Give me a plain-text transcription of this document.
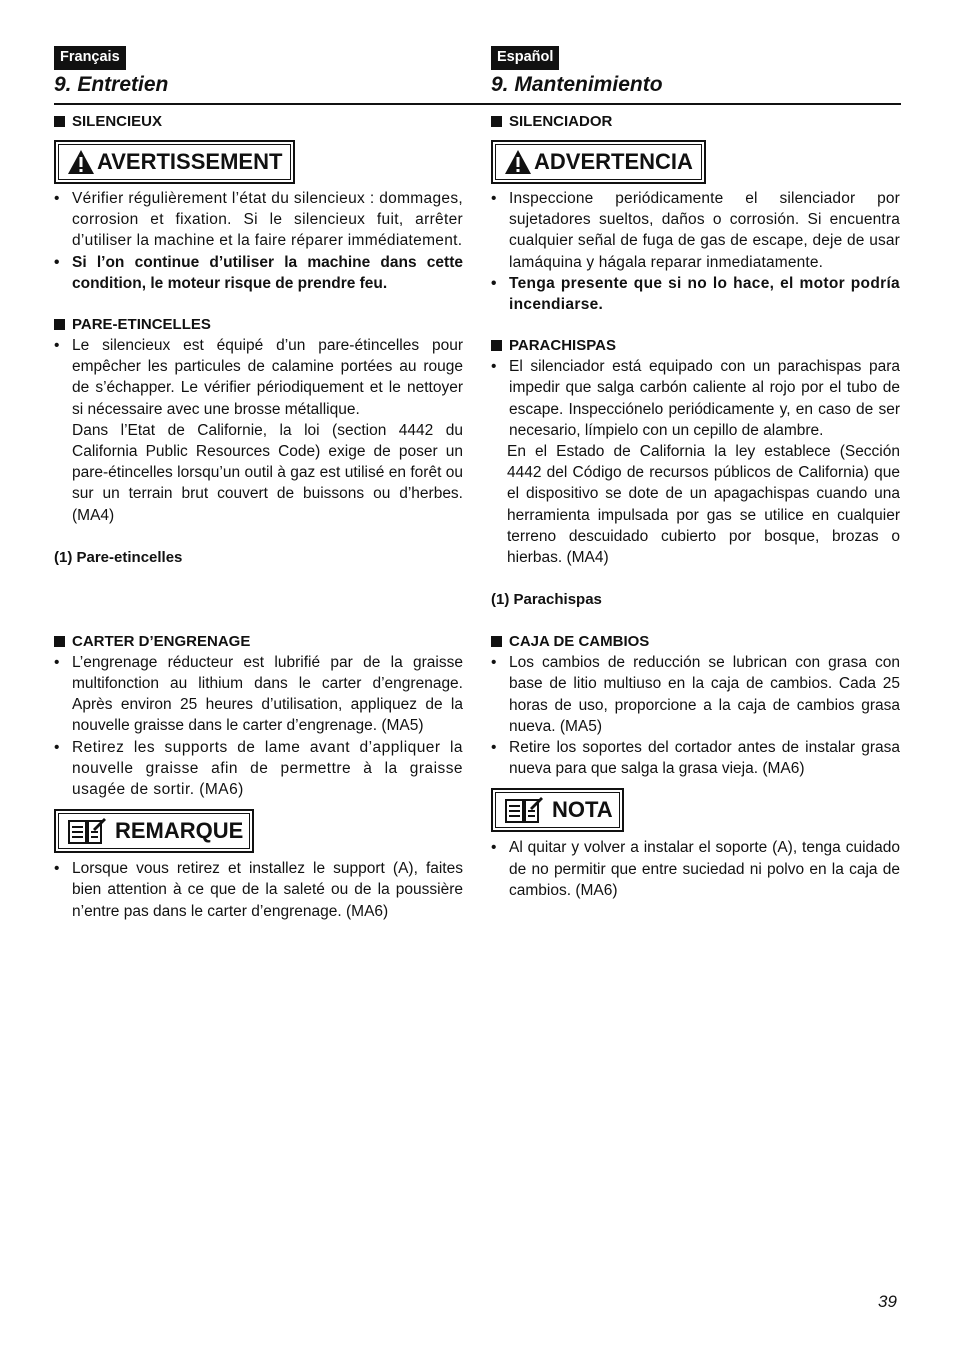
Français
9. Entretien
SILENCIEUX
AVERTISSEMENT
• Vérifier régulièrement l’état du silencieux : dommages, corrosion et fixation. Si le silencieux fuit, arrêter d’utiliser la machine et la faire réparer immédiatement.
• Si l’on continue d’utiliser la machine dans cette condition, le moteur risque de prendre feu.
PARE-ETINCELLES
• Le silencieux est équipé d’un pare-étincelles pour empêcher les particules de calamine portées au rouge de s’échapper. Le vérifier périodiquement et le nettoyer si nécessaire avec une brosse métallique.
Dans l’Etat de Californie, la loi (section 4442 du California Public Resources Code) exige de poser un pare-étincelles lorsqu’un outil à gaz est utilisé en forêt ou sur un terrain brut couvert de buissons ou d’herbes. (MA4)
(1) Pare-etincelles
CARTER D’ENGRENAGE
• L’engrenage réducteur est lubrifié par de la graisse multifonction au lithium dans le carter d’engrenage. Après environ 25 heures d’utilisation, appliquez de la nouvelle graisse dans le carter d’engrenage. (MA5)
• Retirez les supports de lame avant d’appliquer la nouvelle graisse afin de permettre à la graisse usagée de sortir. (MA6)
REMARQUE
• Lorsque vous retirez et installez le support (A), faites bien attention à ce que de la saleté ou de la poussière n’entre pas dans le carter d’engrenage. (MA6)
Español
9. Mantenimiento
SILENCIADOR
ADVERTENCIA
• Inspeccione periódicamente el silenciador por sujetadores sueltos, daños o corrosión. Si encuentra cualquier señal de fuga de gas de escape, deje de usar lamáquina y hágala reparar inmediatamente.
• Tenga presente que si no lo hace, el motor podría incendiarse.
PARACHISPAS
• El silenciador está equipado con un parachispas para impedir que salga carbón caliente al rojo por el tubo de escape. Inspecciónelo periódicamente y, en caso de ser necesario, límpielo con un cepillo de alambre.
En el Estado de California la ley establece (Sección 4442 del Código de recursos públicos de California) que el dispositivo se dote de un apagachispas cuando una herramienta impulsada por gas se utilice en cualquier terreno descuidado cubierto por bosque, brozas o hierbas. (MA4)
(1) Parachispas
CAJA DE CAMBIOS
• Los cambios de reducción se lubrican con grasa con base de litio multiuso en la caja de cambios. Cada 25 horas de uso, proporcione a la caja de cambios grasa nueva. (MA5)
• Retire los soportes del cortador antes de instalar grasa nueva para que salga la grasa vieja. (MA6)
NOTA
• Al quitar y volver a instalar el soporte (A), tenga cuidado de no permitir que entre suciedad ni polvo en la caja de cambios. (MA6)
39
